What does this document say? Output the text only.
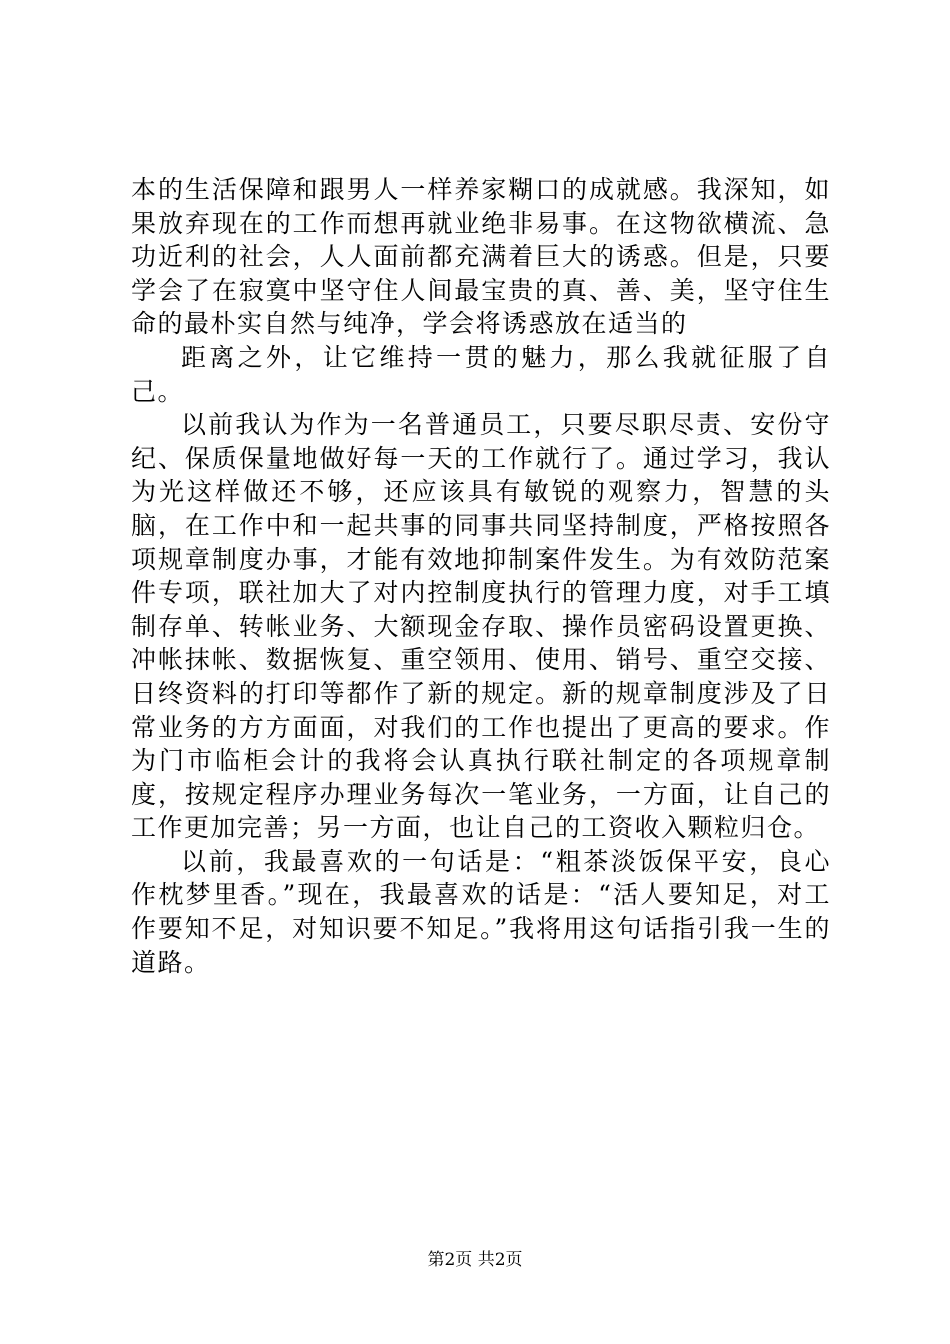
本的生活保障和跟男人一样养家糊口的成就感。我深知，如果放弃现在的工作而想再就业绝非易事。在这物欲横流、急功近利的社会，人人面前都充满着巨大的诱惑。但是，只要学会了在寂寞中坚守住人间最宝贵的真、善、美，坚守住生命的最朴实自然与纯净，学会将诱惑放在适当的

距离之外，让它维持一贯的魅力，那么我就征服了自己。

以前我认为作为一名普通员工，只要尽职尽责、安份守纪、保质保量地做好每一天的工作就行了。通过学习，我认为光这样做还不够，还应该具有敏锐的观察力，智慧的头脑，在工作中和一起共事的同事共同坚持制度，严格按照各项规章制度办事，才能有效地抑制案件发生。为有效防范案件专项，联社加大了对内控制度执行的管理力度，对手工填制存单、转帐业务、大额现金存取、操作员密码设置更换、冲帐抹帐、数据恢复、重空领用、使用、销号、重空交接、日终资料的打印等都作了新的规定。新的规章制度涉及了日常业务的方方面面，对我们的工作也提出了更高的要求。作为门市临柜会计的我将会认真执行联社制定的各项规章制度，按规定程序办理业务每次一笔业务，一方面，让自己的工作更加完善；另一方面，也让自己的工资收入颗粒归仓。

以前，我最喜欢的一句话是：“粗茶淡饭保平安，良心作枕梦里香。”现在，我最喜欢的话是：“活人要知足，对工作要知不足，对知识要不知足。”我将用这句话指引我一生的道路。

第2页 共2页
